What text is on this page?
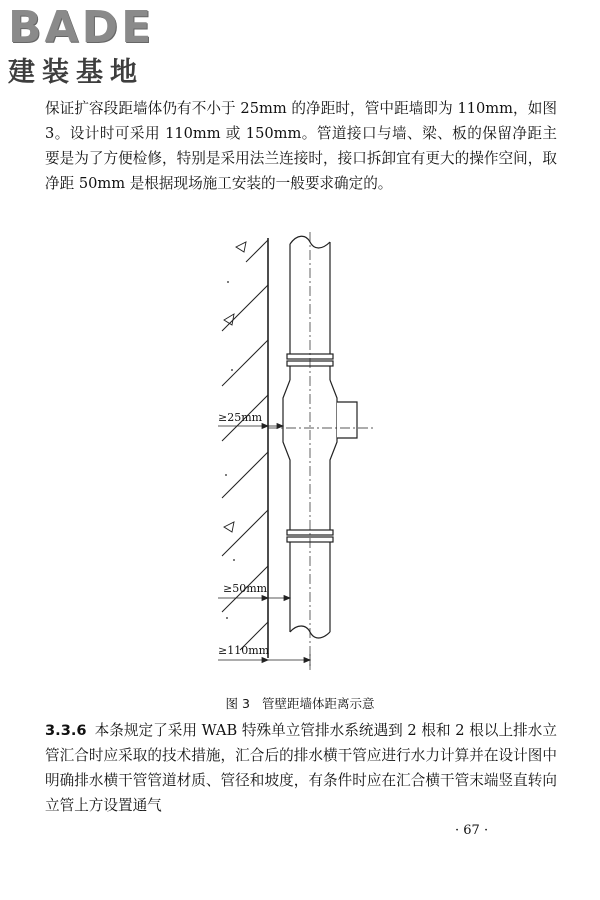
BADE
建装基地
保证扩容段距墙体仍有不小于 25mm 的净距时，管中距墙即为 110mm，如图 3。设计时可采用 110mm 或 150mm。管道接口与墙、梁、板的保留净距主要是为了方便检修，特别是采用法兰连接时，接口拆卸宜有更大的操作空间，取净距 50mm 是根据现场施工安装的一般要求确定的。
≥25mm
≥50mm
≥110mm
图 3 管壁距墙体距离示意
3.3.6 本条规定了采用 WAB 特殊单立管排水系统遇到 2 根和 2 根以上排水立管汇合时应采取的技术措施，汇合后的排水横干管应进行水力计算并在设计图中明确排水横干管管道材质、管径和坡度，有条件时应在汇合横干管末端竖直转向立管上方设置通气
· 67 ·
